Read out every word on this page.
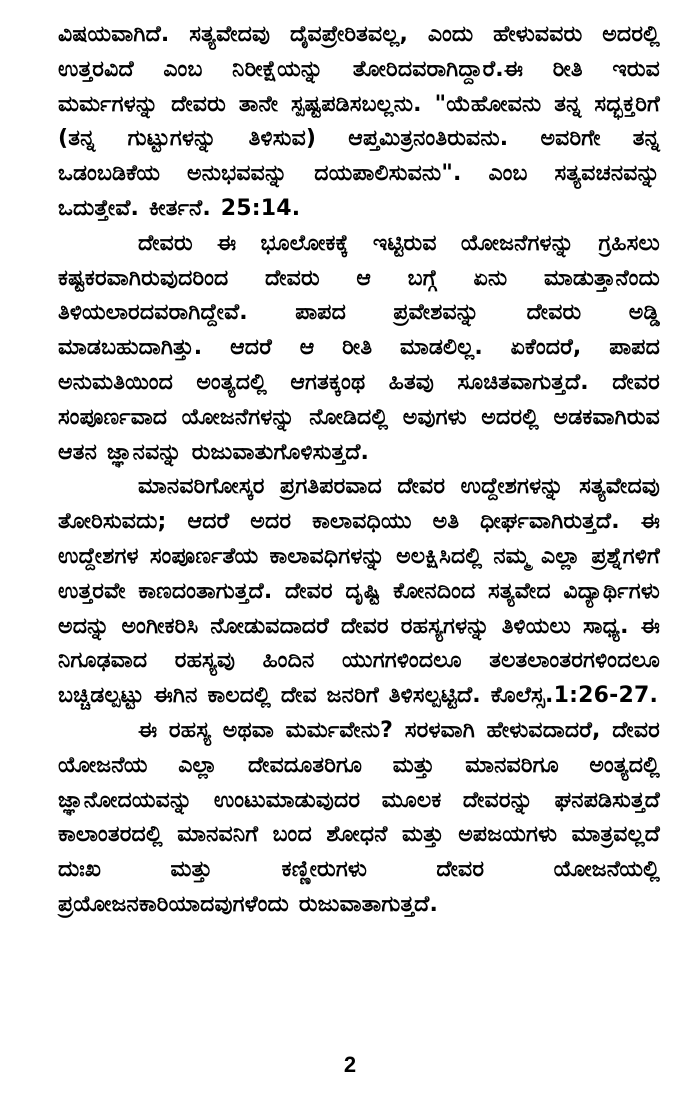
ವಿಷಯವಾಗಿದೆ. ಸತ್ಯವೇದವು ದೈವಪ್ರೇರಿತವಲ್ಲ, ಎಂದು ಹೇಳುವವರು ಅದರಲ್ಲಿ ಉತ್ತರವಿದೆ ಎಂಬ ನಿರೀಕ್ಷೆಯನ್ನು ತೋರಿದವರಾಗಿದ್ದಾರೆ.ಈ ರೀತಿ ಇರುವ ಮರ್ಮಗಳನ್ನು ದೇವರು ತಾನೇ ಸ್ಪಷ್ಟಪಡಿಸಬಲ್ಲನು. "ಯೆಹೋವನು ತನ್ನ ಸದ್ಭಕ್ತರಿಗೆ (ತನ್ನ ಗುಟ್ಟುಗಳನ್ನು ತಿಳಿಸುವ) ಆಪ್ತಮಿತ್ರನಂತಿರುವನು. ಅವರಿಗೇ ತನ್ನ ಒಡಂಬಡಿಕೆಯ ಅನುಭವವನ್ನು ದಯಪಾಲಿಸುವನು". ಎಂಬ ಸತ್ಯವಚನವನ್ನು ಒದುತ್ತೇವೆ. ಕೀರ್ತನೆ. 25:14.

ದೇವರು ಈ ಭೂಲೋಕಕ್ಕೆ ಇಟ್ಟಿರುವ ಯೋಜನೆಗಳನ್ನು ಗ್ರಹಿಸಲು ಕಷ್ಟಕರವಾಗಿರುವುದರಿಂದ ದೇವರು ಆ ಬಗ್ಗೆ ಏನು ಮಾಡುತ್ತಾನೆಂದು ತಿಳಿಯಲಾರದವರಾಗಿದ್ದೇವೆ. ಪಾಪದ ಪ್ರವೇಶವನ್ನು ದೇವರು ಅಡ್ಡಿ ಮಾಡಬಹುದಾಗಿತ್ತು. ಆದರೆ ಆ ರೀತಿ ಮಾಡಲಿಲ್ಲ. ಏಕೆಂದರೆ, ಪಾಪದ ಅನುಮತಿಯಿಂದ ಅಂತ್ಯದಲ್ಲಿ ಆಗತಕ್ಕಂಥ ಹಿತವು ಸೂಚಿತವಾಗುತ್ತದೆ. ದೇವರ ಸಂಪೂರ್ಣವಾದ ಯೋಜನೆಗಳನ್ನು ನೋಡಿದಲ್ಲಿ ಅವುಗಳು ಅದರಲ್ಲಿ ಅಡಕವಾಗಿರುವ ಆತನ ಜ್ಞಾನವನ್ನು ರುಜುವಾತುಗೊಳಿಸುತ್ತದೆ.

ಮಾನವರಿಗೋಸ್ಕರ ಪ್ರಗತಿಪರವಾದ ದೇವರ ಉದ್ದೇಶಗಳನ್ನು ಸತ್ಯವೇದವು ತೋರಿಸುವದು; ಆದರೆ ಅದರ ಕಾಲಾವಧಿಯು ಅತಿ ಧೀರ್ಘವಾಗಿರುತ್ತದೆ. ಈ ಉದ್ದೇಶಗಳ ಸಂಪೂರ್ಣತೆಯ ಕಾಲಾವಧಿಗಳನ್ನು ಅಲಕ್ಷಿಸಿದಲ್ಲಿ ನಮ್ಮ ಎಲ್ಲಾ ಪ್ರಶ್ನೆಗಳಿಗೆ ಉತ್ತರವೇ ಕಾಣದಂತಾಗುತ್ತದೆ. ದೇವರ ದೃಷ್ಟಿ ಕೋನದಿಂದ ಸತ್ಯವೇದ ವಿದ್ಯಾರ್ಥಿಗಳು ಅದನ್ನು ಅಂಗೀಕರಿಸಿ ನೋಡುವದಾದರೆ ದೇವರ ರಹಸ್ಯಗಳನ್ನು ತಿಳಿಯಲು ಸಾಧ್ಯ. ಈ ನಿಗೂಢವಾದ ರಹಸ್ಯವು ಹಿಂದಿನ ಯುಗಗಳಿಂದಲೂ ತಲತಲಾಂತರಗಳಿಂದಲೂ ಬಚ್ಚಿಡಲ್ಪಟ್ಟು ಈಗಿನ ಕಾಲದಲ್ಲಿ ದೇವ ಜನರಿಗೆ ತಿಳಿಸಲ್ಪಟ್ಟಿದೆ. ಕೊಲೆಸ್ಸ.1:26-27.

ಈ ರಹಸ್ಯ ಅಥವಾ ಮರ್ಮವೇನು? ಸರಳವಾಗಿ ಹೇಳುವದಾದರೆ, ದೇವರ ಯೋಜನೆಯ ಎಲ್ಲಾ ದೇವದೂತರಿಗೂ ಮತ್ತು ಮಾನವರಿಗೂ ಅಂತ್ಯದಲ್ಲಿ ಜ್ಞಾನೋದಯವನ್ನು ಉಂಟುಮಾಡುವುದರ ಮೂಲಕ ದೇವರನ್ನು ಘನಪಡಿಸುತ್ತದೆ ಕಾಲಾಂತರದಲ್ಲಿ ಮಾನವನಿಗೆ ಬಂದ ಶೋಧನೆ ಮತ್ತು ಅಪಜಯಗಳು ಮಾತ್ರವಲ್ಲದೆ ದುಃಖ ಮತ್ತು ಕಣ್ಣೀರುಗಳು ದೇವರ ಯೋಜನೆಯಲ್ಲಿ ಪ್ರಯೋಜನಕಾರಿಯಾದವುಗಳೆಂದು ರುಜುವಾತಾಗುತ್ತದೆ.

2
